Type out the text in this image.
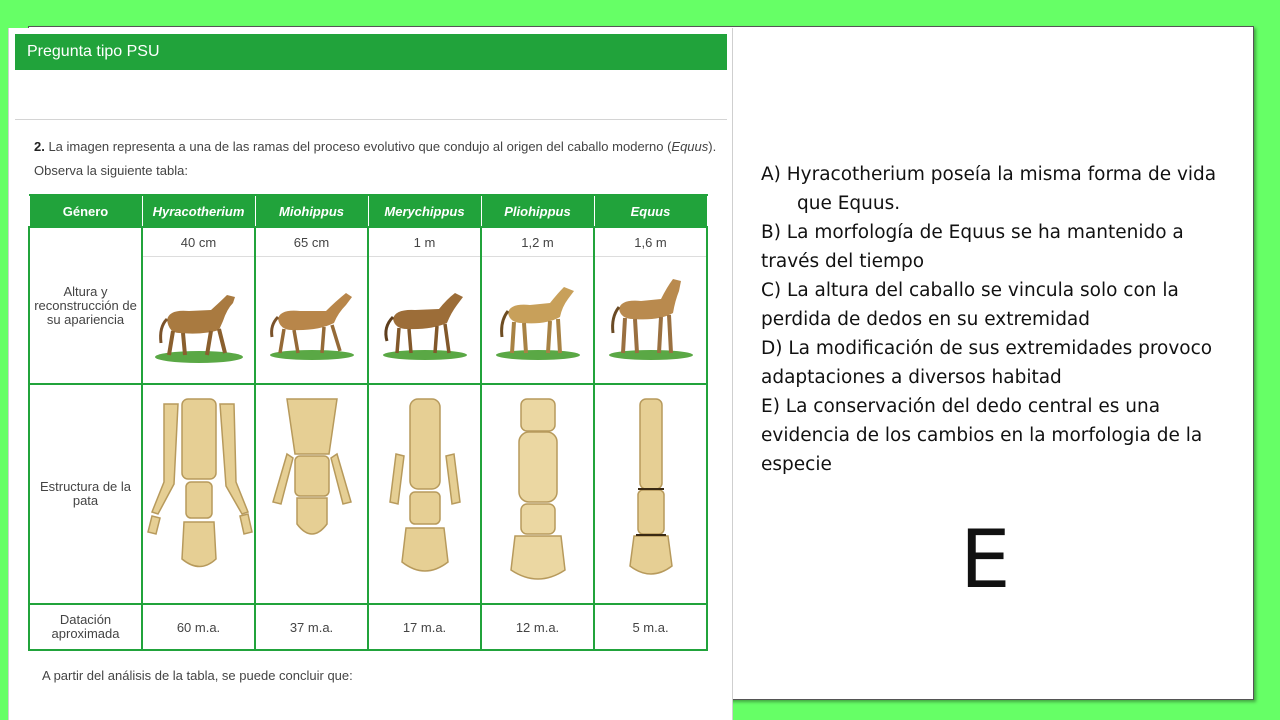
Pregunta tipo PSU
2. La imagen representa a una de las ramas del proceso evolutivo que condujo al origen del caballo moderno (Equus). Observa la siguiente tabla:
Género	Hyracotherium	Miohippus	Merychippus	Pliohippus	Equus
Altura y reconstrucción de su apariencia	40 cm	65 cm	1 m	1,2 m	1,6 m

Estructura de la pata	

Datación aproximada	60 m.a.	37 m.a.	17 m.a.	12 m.a.	5 m.a.
A partir del análisis de la tabla, se puede concluir que:

A) Hyracotherium poseía la misma forma de vida que Equus.

B) La morfología de Equus se ha mantenido a través del tiempo

C) La altura del caballo se vincula solo con la perdida de dedos en su extremidad

D) La modificación de sus extremidades provoco adaptaciones a diversos habitad

E) La conservación del dedo central es una evidencia de los cambios en la morfologia de la especie

E
